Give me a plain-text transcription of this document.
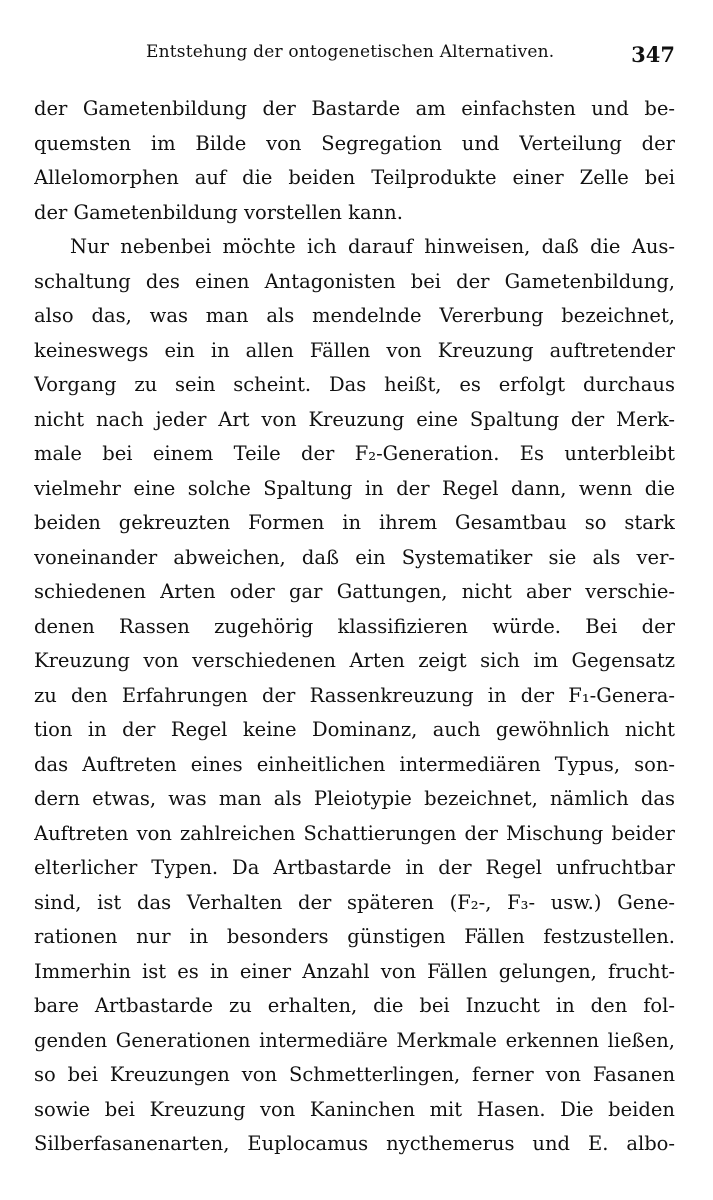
Entstehung der ontogenetischen Alternativen.	347
der Gametenbildung der Bastarde am einfachsten und be-
quemsten im Bilde von Segregation und Verteilung der
Allelomorphen auf die beiden Teilprodukte einer Zelle bei
der Gametenbildung vorstellen kann.
Nur nebenbei möchte ich darauf hinweisen, daß die Aus-
schaltung des einen Antagonisten bei der Gametenbildung,
also das, was man als mendelnde Vererbung bezeichnet,
keineswegs ein in allen Fällen von Kreuzung auftretender
Vorgang zu sein scheint. Das heißt, es erfolgt durchaus
nicht nach jeder Art von Kreuzung eine Spaltung der Merk-
male bei einem Teile der F₂-Generation. Es unterbleibt
vielmehr eine solche Spaltung in der Regel dann, wenn die
beiden gekreuzten Formen in ihrem Gesamtbau so stark
voneinander abweichen, daß ein Systematiker sie als ver-
schiedenen Arten oder gar Gattungen, nicht aber verschie-
denen Rassen zugehörig klassifizieren würde. Bei der
Kreuzung von verschiedenen Arten zeigt sich im Gegensatz
zu den Erfahrungen der Rassenkreuzung in der F₁-Genera-
tion in der Regel keine Dominanz, auch gewöhnlich nicht
das Auftreten eines einheitlichen intermediären Typus, son-
dern etwas, was man als Pleiotypie bezeichnet, nämlich das
Auftreten von zahlreichen Schattierungen der Mischung beider
elterlicher Typen. Da Artbastarde in der Regel unfruchtbar
sind, ist das Verhalten der späteren (F₂-, F₃- usw.) Gene-
rationen nur in besonders günstigen Fällen festzustellen.
Immerhin ist es in einer Anzahl von Fällen gelungen, frucht-
bare Artbastarde zu erhalten, die bei Inzucht in den fol-
genden Generationen intermediäre Merkmale erkennen ließen,
so bei Kreuzungen von Schmetterlingen, ferner von Fasanen
sowie bei Kreuzung von Kaninchen mit Hasen. Die beiden
Silberfasanenarten, Euplocamus nycthemerus und E. albo-
